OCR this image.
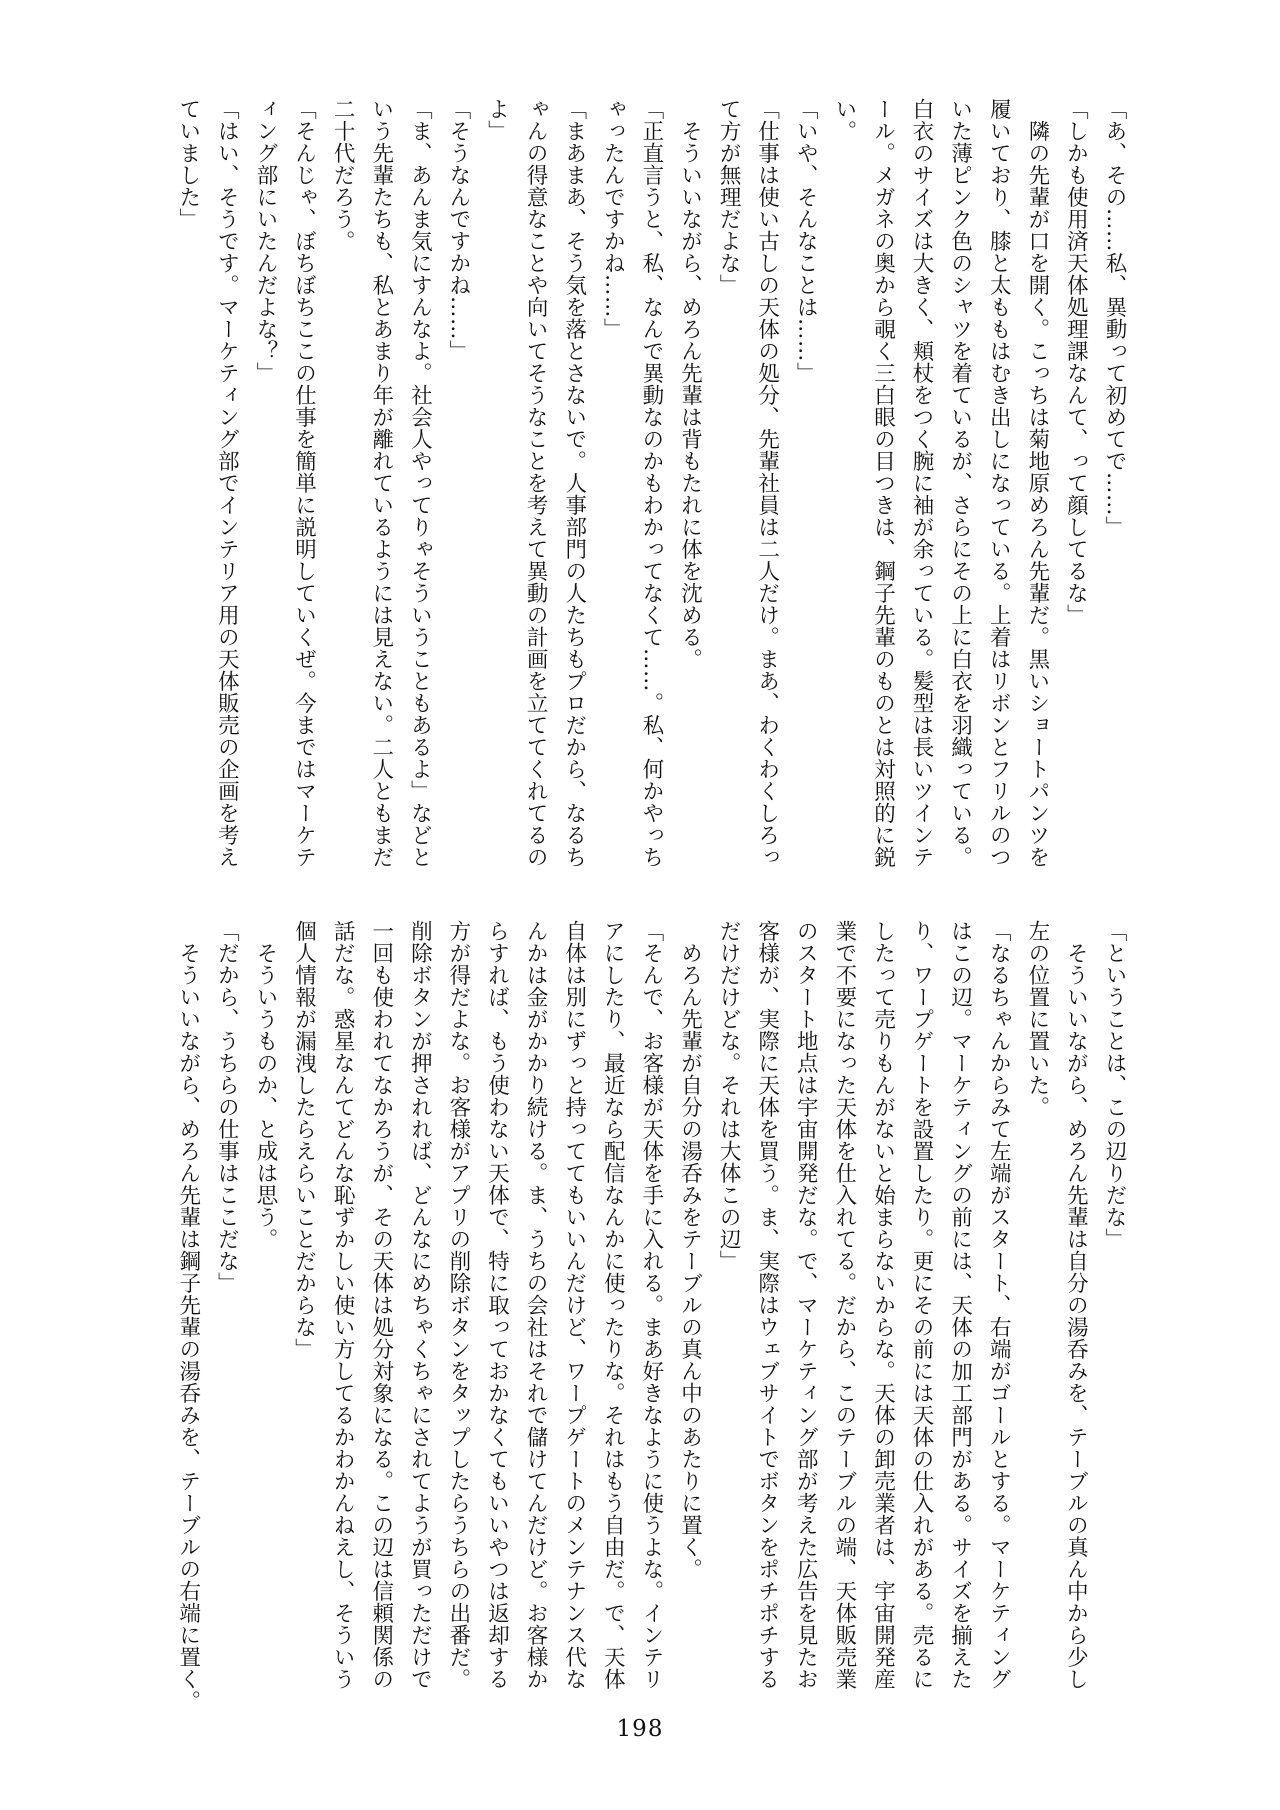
「あ、その……私、異動って初めてで……」
「しかも使用済天体処理課なんて、って顔してるな」
　隣の先輩が口を開く。こっちは菊地原めろん先輩だ。黒いショートパンツを
履いており、膝と太ももはむき出しになっている。上着はリボンとフリルのつ
いた薄ピンク色のシャツを着ているが、さらにその上に白衣を羽織っている。
白衣のサイズは大きく、頬杖をつく腕に袖が余っている。髪型は長いツインテ
ール。メガネの奥から覗く三白眼の目つきは、鋼子先輩のものとは対照的に鋭
い。
「いや、そんなことは……」
「仕事は使い古しの天体の処分、先輩社員は二人だけ。まあ、わくわくしろっ
て方が無理だよな」
　そういいながら、めろん先輩は背もたれに体を沈める。
「正直言うと、私、なんで異動なのかもわかってなくて……。私、何かやっち
ゃったんですかね……」
「まあまあ、そう気を落とさないで。人事部門の人たちもプロだから、なるち
ゃんの得意なことや向いてそうなことを考えて異動の計画を立ててくれてるの
よ」
「そうなんですかね……」
「ま、あんま気にすんなよ。社会人やってりゃそういうこともあるよ」などと
いう先輩たちも、私とあまり年が離れているようには見えない。二人ともまだ
二十代だろう。
「そんじゃ、ぼちぼちここの仕事を簡単に説明していくぜ。今まではマーケテ
ィング部にいたんだよな？」
「はい、そうです。マーケティング部でインテリア用の天体販売の企画を考え
ていました」
「ということは、この辺りだな」
　そういいながら、めろん先輩は自分の湯呑みを、テーブルの真ん中から少し
左の位置に置いた。
「なるちゃんからみて左端がスタート、右端がゴールとする。マーケティング
はこの辺。マーケティングの前には、天体の加工部門がある。サイズを揃えた
り、ワープゲートを設置したり。更にその前には天体の仕入れがある。売るに
したって売りもんがないと始まらないからな。天体の卸売業者は、宇宙開発産
業で不要になった天体を仕入れてる。だから、このテーブルの端、天体販売業
のスタート地点は宇宙開発だな。で、マーケティング部が考えた広告を見たお
客様が、実際に天体を買う。ま、実際はウェブサイトでボタンをポチポチする
だけだけどな。それは大体この辺」
　めろん先輩が自分の湯呑みをテーブルの真ん中のあたりに置く。
「そんで、お客様が天体を手に入れる。まあ好きなように使うよな。インテリ
アにしたり、最近なら配信なんかに使ったりな。それはもう自由だ。で、天体
自体は別にずっと持っててもいいんだけど、ワープゲートのメンテナンス代な
んかは金がかかり続ける。ま、うちの会社はそれで儲けてんだけど。お客様か
らすれば、もう使わない天体で、特に取っておかなくてもいいやつは返却する
方が得だよな。お客様がアプリの削除ボタンをタップしたらうちらの出番だ。
削除ボタンが押されれば、どんなにめちゃくちゃにされてようが買っただけで
一回も使われてなかろうが、その天体は処分対象になる。この辺は信頼関係の
話だな。惑星なんてどんな恥ずかしい使い方してるかわかんねえし、そういう
個人情報が漏洩したらえらいことだからな」
　そういうものか、と成は思う。
「だから、うちらの仕事はここだな」
　そういいながら、めろん先輩は鋼子先輩の湯呑みを、テーブルの右端に置く。
198
